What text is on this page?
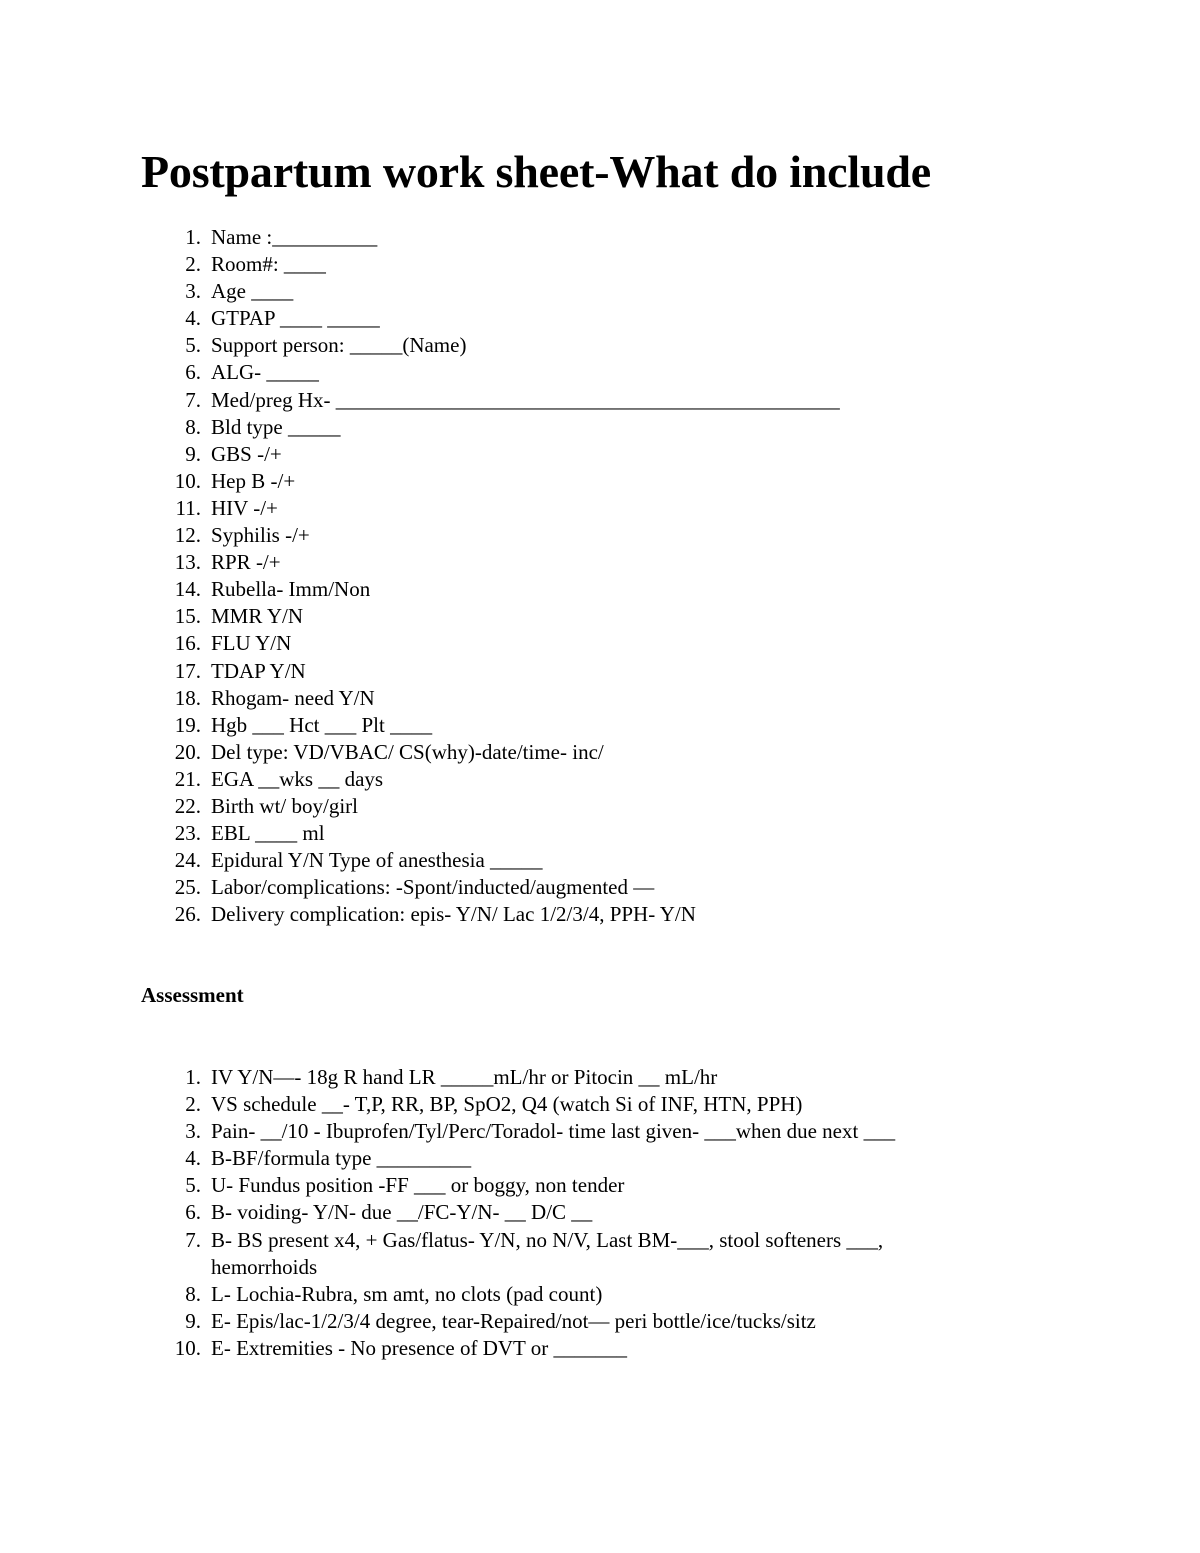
Postpartum work sheet-What do include
1. Name :__________
2. Room#: ____
3. Age ____
4. GTPAP ____ _____
5. Support person: _____(Name)
6. ALG- _____
7. Med/preg Hx- ________________________________________________
8. Bld type _____
9. GBS -/+
10. Hep B -/+
11. HIV -/+
12. Syphilis -/+
13. RPR -/+
14. Rubella- Imm/Non
15. MMR Y/N
16. FLU Y/N
17. TDAP Y/N
18. Rhogam- need Y/N
19. Hgb ___ Hct ___ Plt ____
20. Del type: VD/VBAC/ CS(why)-date/time- inc/
21. EGA __wks __ days
22. Birth wt/ boy/girl
23. EBL ____ ml
24. Epidural Y/N Type of anesthesia _____
25. Labor/complications: -Spont/inducted/augmented —
26. Delivery complication: epis- Y/N/ Lac 1/2/3/4, PPH- Y/N
Assessment
1. IV Y/N—- 18g R hand LR _____mL/hr or Pitocin __ mL/hr
2. VS schedule __- T,P, RR, BP, SpO2, Q4 (watch Si of INF, HTN, PPH)
3. Pain- __/10 - Ibuprofen/Tyl/Perc/Toradol- time last given- ___when due next ___
4. B-BF/formula type _________
5. U- Fundus position -FF ___ or boggy, non tender
6. B- voiding- Y/N- due __/FC-Y/N- __ D/C __
7. B- BS present x4, + Gas/flatus- Y/N, no N/V, Last BM-___, stool softeners ___, hemorrhoids
8. L- Lochia-Rubra, sm amt, no clots (pad count)
9. E- Epis/lac-1/2/3/4 degree, tear-Repaired/not— peri bottle/ice/tucks/sitz
10. E- Extremities - No presence of DVT or _______
